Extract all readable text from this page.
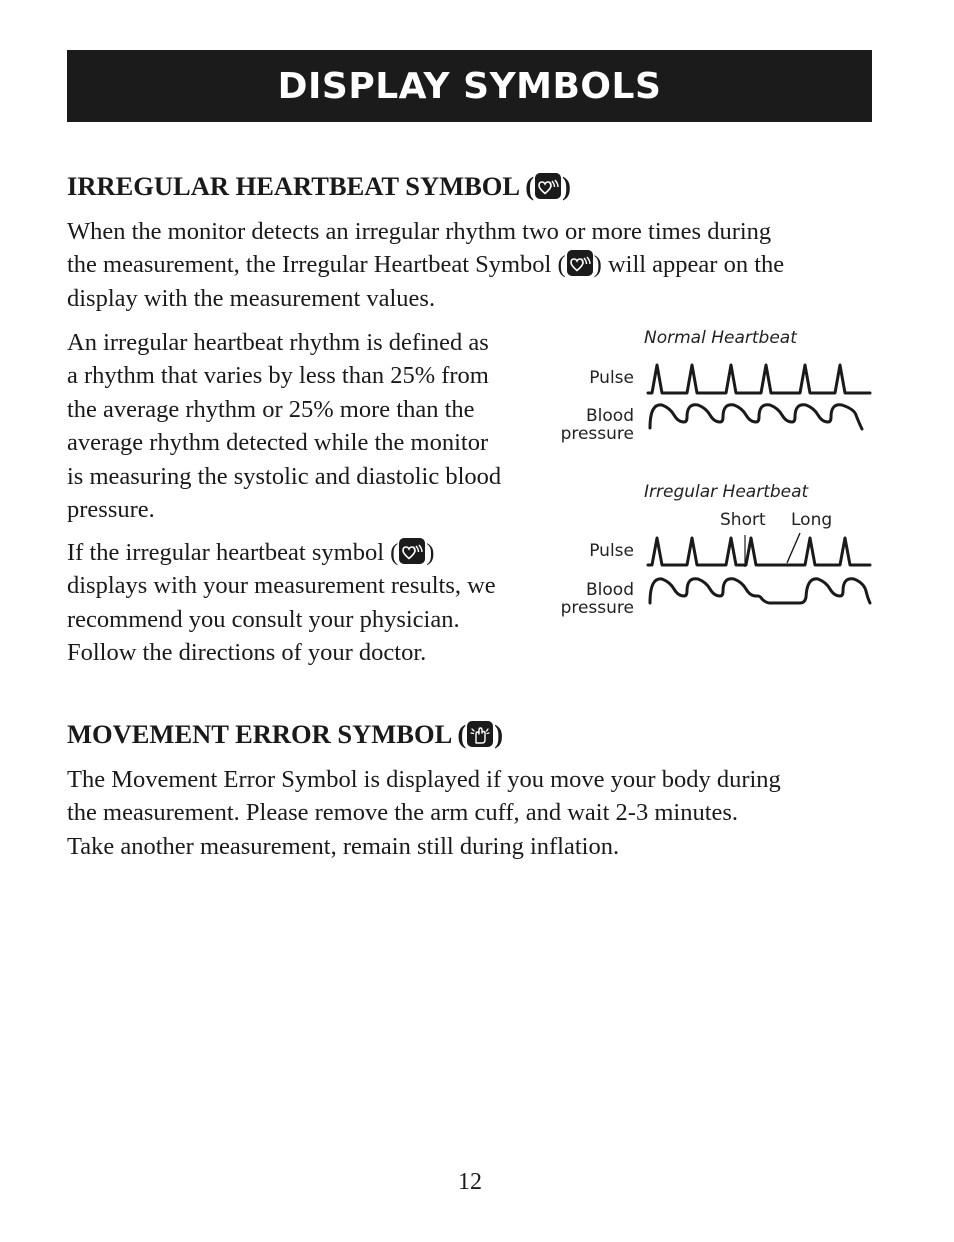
DISPLAY SYMBOLS
IRREGULAR HEARTBEAT SYMBOL ( )
When the monitor detects an irregular rhythm two or more times during
the measurement, the Irregular Heartbeat Symbol ( ) will appear on the
display with the measurement values.
An irregular heartbeat rhythm is defined as
a rhythm that varies by less than 25% from
the average rhythm or 25% more than the
average rhythm detected while the monitor
is measuring the systolic and diastolic blood
pressure.
If the irregular heartbeat symbol ( )
displays with your measurement results, we
recommend you consult your physician.
Follow the directions of your doctor.
Normal Heartbeat
Pulse
Blood
pressure
Irregular Heartbeat
Short Long
Pulse
Blood
pressure
MOVEMENT ERROR SYMBOL ( )
The Movement Error Symbol is displayed if you move your body during
the measurement. Please remove the arm cuff, and wait 2-3 minutes.
Take another measurement, remain still during inflation.
12
